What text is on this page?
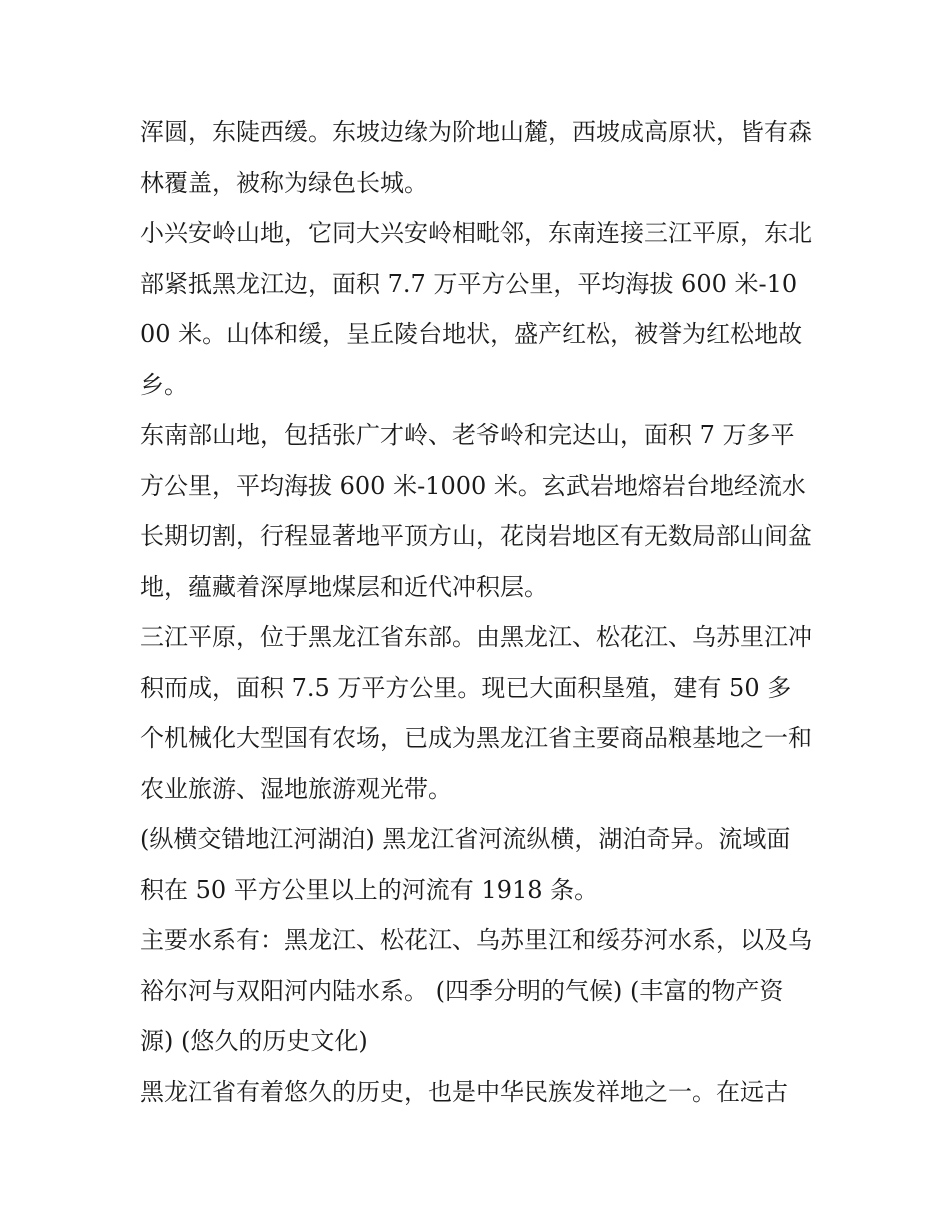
浑圆，东陡西缓。东坡边缘为阶地山麓，西坡成高原状，皆有森林覆盖，被称为绿色长城。

小兴安岭山地，它同大兴安岭相毗邻，东南连接三江平原，东北部紧抵黑龙江边，面积 7.7 万平方公里，平均海拔 600 米-1000 米。山体和缓，呈丘陵台地状，盛产红松，被誉为红松地故乡。

东南部山地，包括张广才岭、老爷岭和完达山，面积 7 万多平方公里，平均海拔 600 米-1000 米。玄武岩地熔岩台地经流水长期切割，行程显著地平顶方山，花岗岩地区有无数局部山间盆地，蕴藏着深厚地煤层和近代冲积层。

三江平原，位于黑龙江省东部。由黑龙江、松花江、乌苏里江冲积而成，面积 7.5 万平方公里。现已大面积垦殖，建有 50 多个机械化大型国有农场，已成为黑龙江省主要商品粮基地之一和农业旅游、湿地旅游观光带。

(纵横交错地江河湖泊) 黑龙江省河流纵横，湖泊奇异。流域面积在 50 平方公里以上的河流有 1918 条。

主要水系有：黑龙江、松花江、乌苏里江和绥芬河水系，以及乌裕尔河与双阳河内陆水系。 (四季分明的气候) (丰富的物产资源) (悠久的历史文化)

黑龙江省有着悠久的历史，也是中华民族发祥地之一。在远古
